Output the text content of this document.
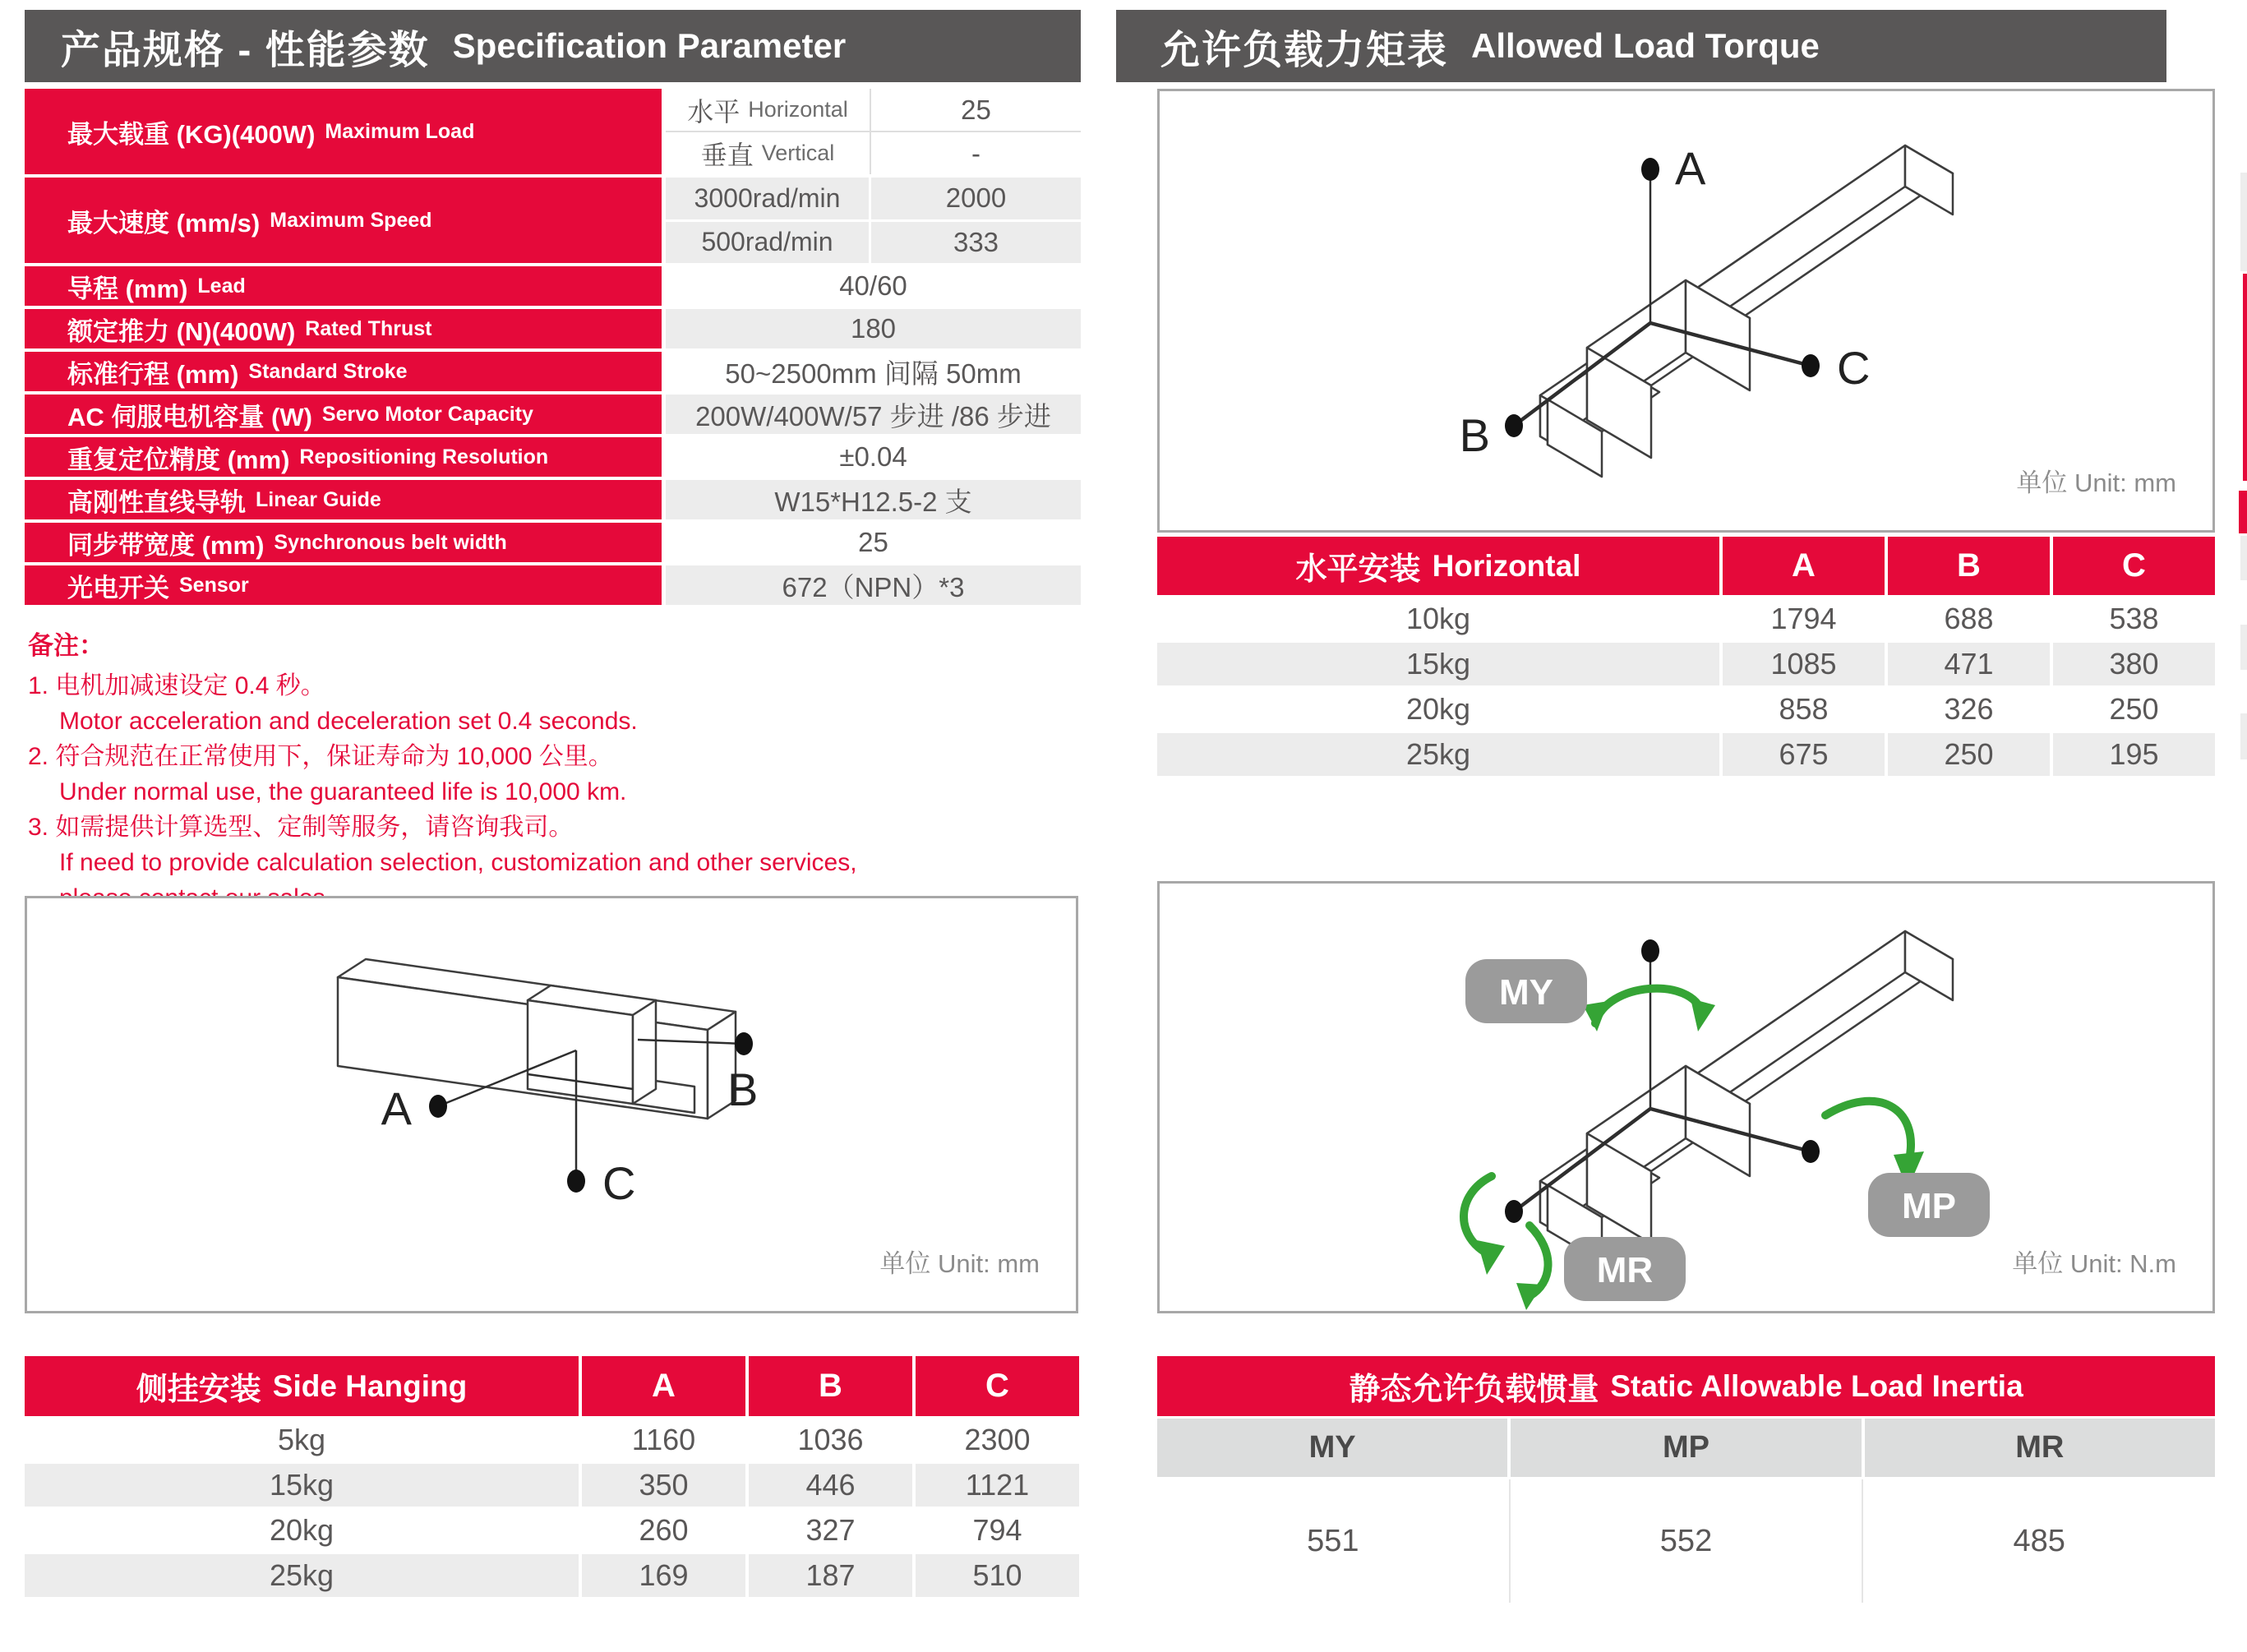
产品规格 - 性能参数 Specification Parameter
最大载重 (KG)(400W) Maximum Load
水平 Horizontal	25
垂直 Vertical	-
最大速度 (mm/s) Maximum Speed
3000rad/min	2000
500rad/min	333
导程 (mm) Lead	40/60
额定推力 (N)(400W) Rated Thrust	180
标准行程 (mm) Standard Stroke	50~2500mm 间隔 50mm
AC 伺服电机容量 (W) Servo Motor Capacity	200W/400W/57 步进 /86 步进
重复定位精度 (mm) Repositioning Resolution	±0.04
高刚性直线导轨 Linear Guide	W15*H12.5-2 支
同步带宽度 (mm) Synchronous belt width	25
光电开关 Sensor	672（NPN）*3
备注：
1. 电机加减速设定 0.4 秒。
Motor acceleration and deceleration set 0.4 seconds.
2. 符合规范在正常使用下，保证寿命为 10,000 公里。
Under normal use, the guaranteed life is 10,000 km.
3. 如需提供计算选型、定制等服务，请咨询我司。
If need to provide calculation selection, customization and other services,
A
C
B
单位 Unit: mm
侧挂安装 Side Hanging	A	B	C
5kg	1160	1036	2300
15kg	350	446	1121
20kg	260	327	794
25kg	169	187	510
允许负载力矩表 Allowed Load Torque
A
B
C
单位 Unit: mm
水平安装 Horizontal	A	B	C
10kg	1794	688	538
15kg	1085	471	380
20kg	858	326	250
25kg	675	250	195
MY
MP
MR	单位 Unit: N.m
静态允许负载惯量 Static Allowable Load Inertia
MY	MP	MR
551	552	485
